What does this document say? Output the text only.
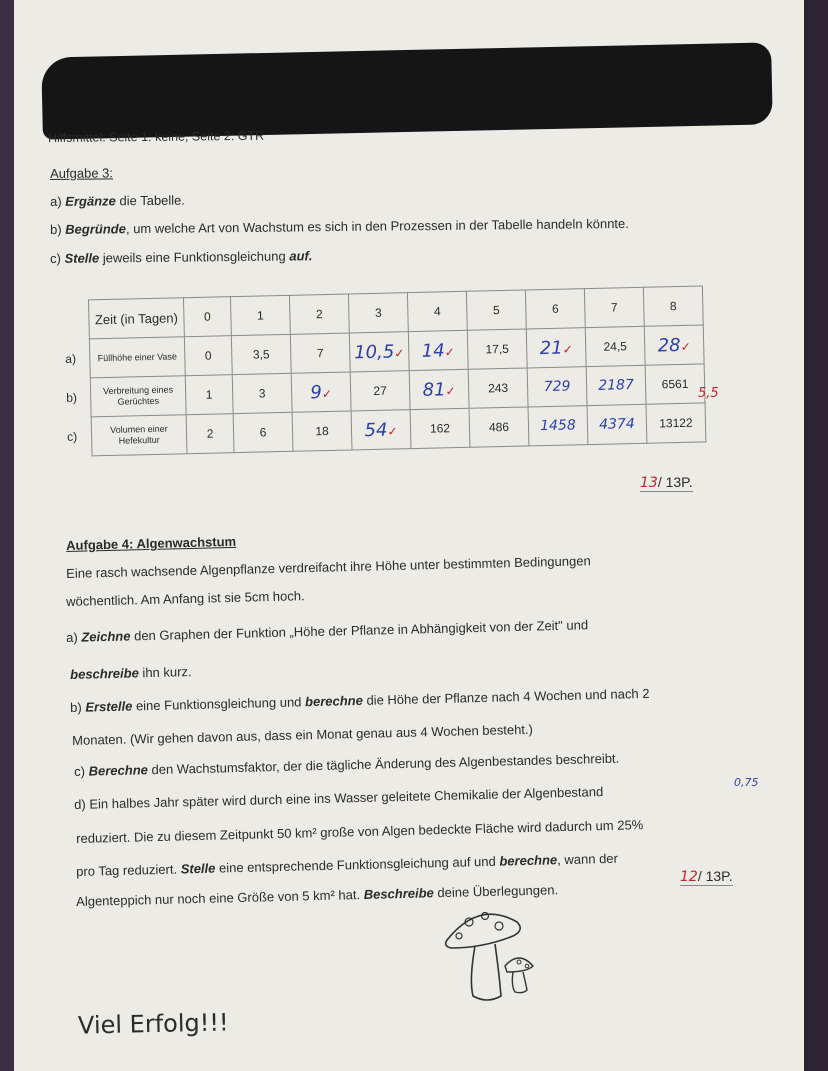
Hilfsmittel: Seite 1: keine; Seite 2: GTR
Aufgabe 3:
a) Ergänze die Tabelle.
b) Begründe, um welche Art von Wachstum es sich in den Prozessen in der Tabelle handeln könnte.
c) Stelle jeweils eine Funktionsgleichung auf.
	Zeit (in Tagen)	0	1	2	3	4	5	6	7	8
a)	Füllhöhe einer Vase	0	3,5	7	10,5✓	14✓	17,5	21✓	24,5	28✓
b)	Verbreitung eines Gerüchtes	1	3	9✓	27	81✓	243	729	2187	6561
c)	Volumen einer Hefekultur	2	6	18	54✓	162	486	1458	4374	13122
5,5
13/ 13P.
Aufgabe 4: Algenwachstum
Eine rasch wachsende Algenpflanze verdreifacht ihre Höhe unter bestimmten Bedingungen
wöchentlich. Am Anfang ist sie 5cm hoch.
a) Zeichne den Graphen der Funktion „Höhe der Pflanze in Abhängigkeit von der Zeit" und
beschreibe ihn kurz.
b) Erstelle eine Funktionsgleichung und berechne die Höhe der Pflanze nach 4 Wochen und nach 2
Monaten. (Wir gehen davon aus, dass ein Monat genau aus 4 Wochen besteht.)
c) Berechne den Wachstumsfaktor, der die tägliche Änderung des Algenbestandes beschreibt.
d) Ein halbes Jahr später wird durch eine ins Wasser geleitete Chemikalie der Algenbestand
reduziert. Die zu diesem Zeitpunkt 50 km² große von Algen bedeckte Fläche wird dadurch um 25%
pro Tag reduziert. Stelle eine entsprechende Funktionsgleichung auf und berechne, wann der
Algenteppich nur noch eine Größe von 5 km² hat. Beschreibe deine Überlegungen.
0,75
12/ 13P.
Viel Erfolg!!!
